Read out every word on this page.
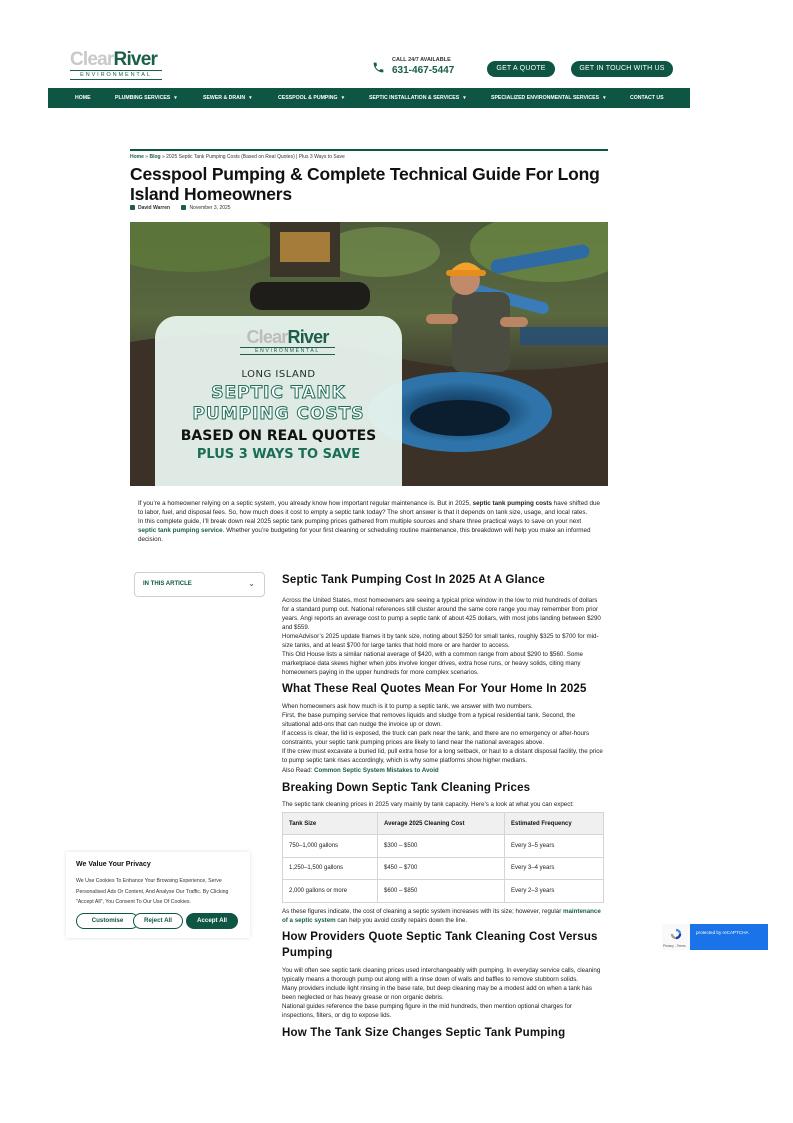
ClearRiver
ENVIRONMENTAL
CALL 24/7 AVAILABLE
631-467-5447	GET A QUOTE	GET IN TOUCH WITH US
HOME	PLUMBING SERVICES ▾	SEWER & DRAIN ▾	CESSPOOL & PUMPING ▾	SEPTIC INSTALLATION & SERVICES ▾	SPECIALIZED ENVIRONMENTAL SERVICES ▾	CONTACT US
Home » Blog » 2025 Septic Tank Pumping Costs (Based on Real Quotes) | Plus 3 Ways to Save
Cesspool Pumping & Complete Technical Guide For Long Island Homeowners
David Warren	November 3, 2025
ClearRiver
ENVIRONMENTAL
LONG ISLAND
SEPTIC TANK
PUMPING COSTS
BASED ON REAL QUOTES
PLUS 3 WAYS TO SAVE

If you’re a homeowner relying on a septic system, you already know how important regular maintenance is. But in 2025, septic tank pumping costs have shifted due to labor, fuel, and disposal fees. So, how much does it cost to empty a septic tank today? The short answer is that it depends on tank size, usage, and local rates.

In this complete guide, I’ll break down real 2025 septic tank pumping prices gathered from multiple sources and share three practical ways to save on your next septic tank pumping service. Whether you’re budgeting for your first cleaning or scheduling routine maintenance, this breakdown will help you make an informed decision.

IN THIS ARTICLE	⌄ Septic Tank Pumping Cost In 2025 At A Glance

Across the United States, most homeowners are seeing a typical price window in the low to mid hundreds of dollars for a standard pump out. National references still cluster around the same core range you may remember from prior years. Angi reports an average cost to pump a septic tank of about 425 dollars, with most jobs landing between $290 and $559.

HomeAdvisor’s 2025 update frames it by tank size, noting about $250 for small tanks, roughly $325 to $700 for mid-size tanks, and at least $700 for large tanks that hold more or are harder to access.

This Old House lists a similar national average of $420, with a common range from about $290 to $560. Some marketplace data skews higher when jobs involve longer drives, extra hose runs, or heavy solids, citing many homeowners paying in the upper hundreds for more complex scenarios.

What These Real Quotes Mean For Your Home In 2025

When homeowners ask how much is it to pump a septic tank, we answer with two numbers.

First, the base pumping service that removes liquids and sludge from a typical residential tank. Second, the situational add-ons that can nudge the invoice up or down.

If access is clear, the lid is exposed, the truck can park near the tank, and there are no emergency or after-hours constraints, your septic tank pumping prices are likely to land near the national averages above.

If the crew must excavate a buried lid, pull extra hose for a long setback, or haul to a distant disposal facility, the price to pump septic tank rises accordingly, which is why some platforms show higher medians.

Also Read: Common Septic System Mistakes to Avoid

Breaking Down Septic Tank Cleaning Prices

The septic tank cleaning prices in 2025 vary mainly by tank capacity. Here’s a look at what you can expect:

Tank Size	Average 2025 Cleaning Cost	Estimated Frequency
750–1,000 gallons	$300 – $500	Every 3–5 years
1,250–1,500 gallons	$450 – $700	Every 3–4 years
2,000 gallons or more	$600 – $850	Every 2–3 years

As these figures indicate, the cost of cleaning a septic system increases with its size; however, regular maintenance of a septic system can help you avoid costly repairs down the line.

How Providers Quote Septic Tank Cleaning Cost Versus Pumping

You will often see septic tank cleaning prices used interchangeably with pumping. In everyday service calls, cleaning typically means a thorough pump out along with a rinse down of walls and baffles to remove stubborn solids.

Many providers include light rinsing in the base rate, but deep cleaning may be a modest add on when a tank has been neglected or has heavy grease or non organic debris.

National guides reference the base pumping figure in the mid hundreds, then mention optional charges for inspections, filters, or dig to expose lids.

How The Tank Size Changes Septic Tank Pumping
We Value Your Privacy
We Use Cookies To Enhance Your Browsing Experience, Serve Personalised Ads Or Content, And Analyse Our Traffic. By Clicking "Accept All", You Consent To Our Use Of Cookies.
Customise	Reject All	Accept All
Privacy - Terms
protected by reCAPTCHA
